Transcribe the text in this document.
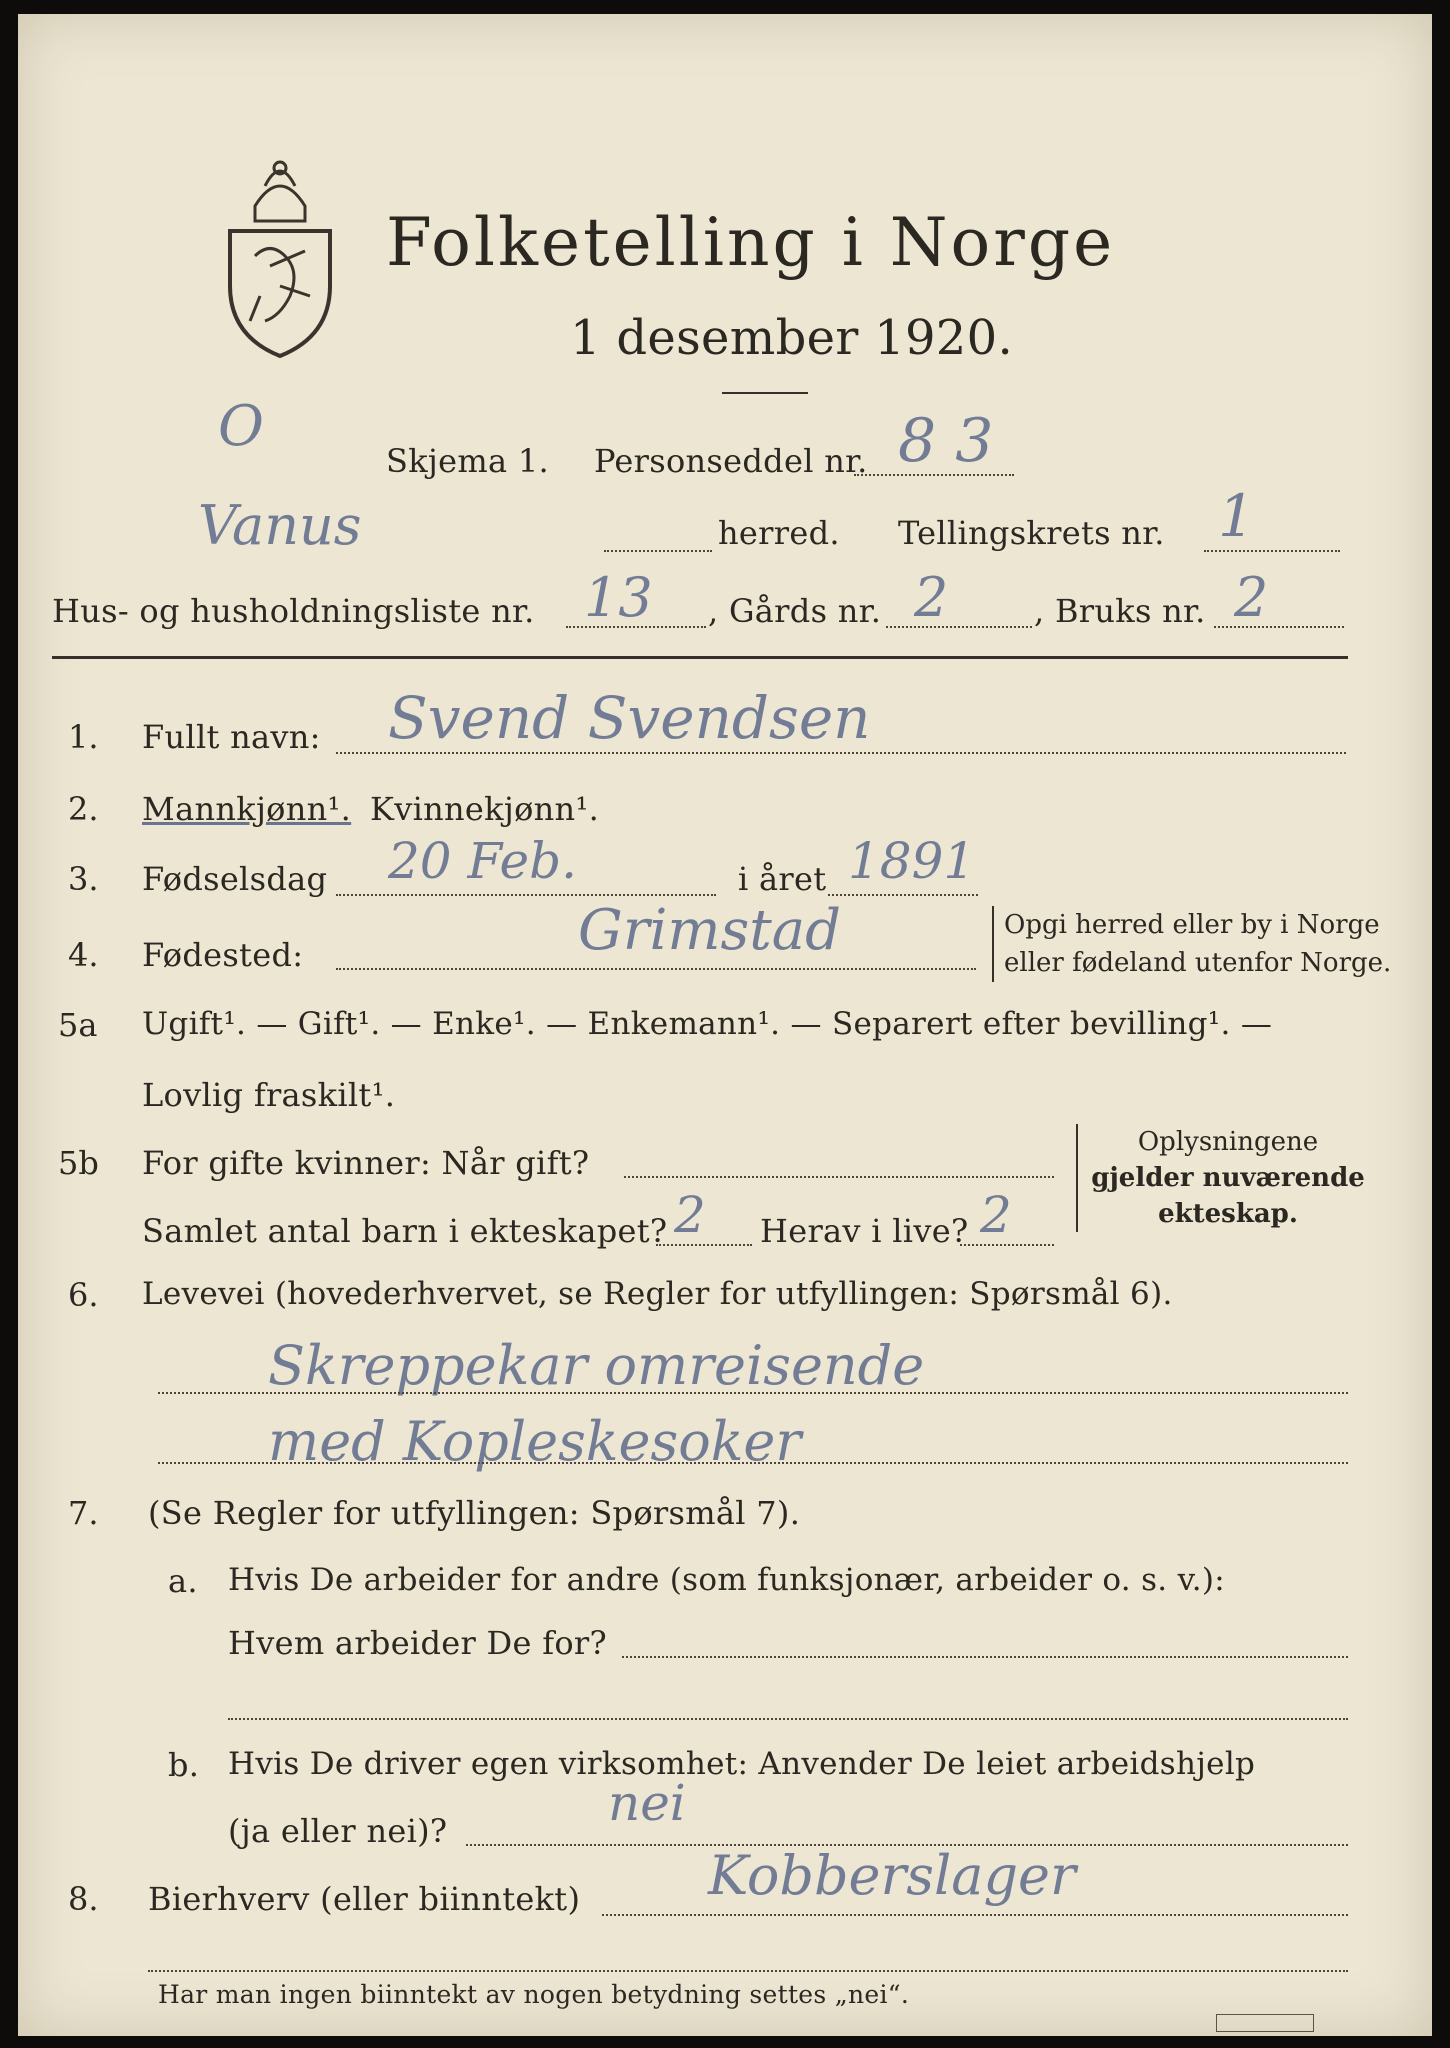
Folketelling i Norge
1 desember 1920.
O
Skjema 1. Personseddel nr. 8 3
Vanus	herred. Tellingskrets nr. 1
Hus- og husholdningsliste nr. 13 , Gårds nr. 2	, Bruks nr. 2
1. Fullt navn: Svend Svendsen
2. Mannkjønn¹. Kvinnekjønn¹.
3. Fødselsdag 20 Feb.	i året 1891
4. Fødested:	Grimstad	Opgi herred eller by i Norge
eller fødeland utenfor Norge.
5a Ugift¹. — Gift¹. — Enke¹. — Enkemann¹. — Separert efter bevilling¹. —
Lovlig fraskilt¹.
5b For gifte kvinner: Når gift?
Samlet antal barn i ekteskapet? 2 Herav i live? 2
Oplysningene
gjelder nuværende
ekteskap.
6. Levevei (hovederhvervet, se Regler for utfyllingen: Spørsmål 6).
Skreppekar omreisende
med Kopleskesoker
7. (Se Regler for utfyllingen: Spørsmål 7).
a. Hvis De arbeider for andre (som funksjonær, arbeider o. s. v.):
Hvem arbeider De for?
b. Hvis De driver egen virksomhet: Anvender De leiet arbeidshjelp
(ja eller nei)?	nei
8. Bierhverv (eller biinntekt) Kobberslager
Har man ingen biinntekt av nogen betydning settes „nei“.
